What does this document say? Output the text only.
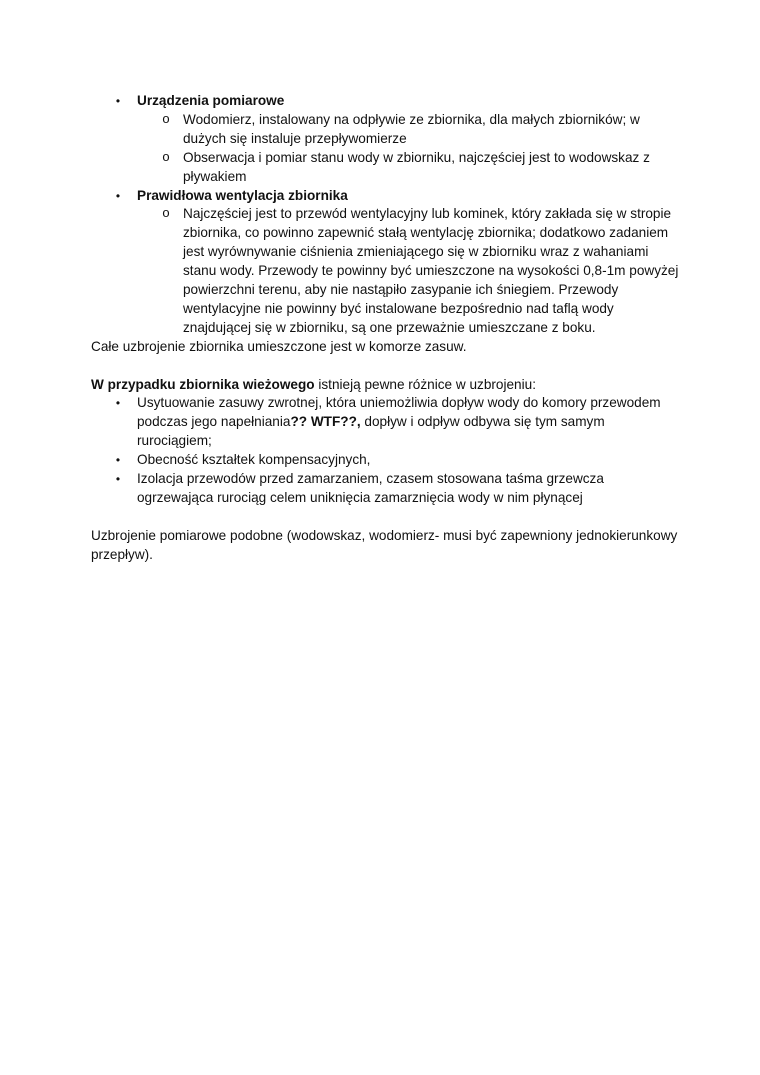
•	Urządzenia pomiarowe
o Wodomierz, instalowany na odpływie ze zbiornika, dla małych zbiorników; w dużych się instaluje przepływomierze
o Obserwacja i pomiar stanu wody w zbiorniku, najczęściej jest to wodowskaz z pływakiem
•	Prawidłowa wentylacja zbiornika
o Najczęściej jest to przewód wentylacyjny lub kominek, który zakłada się w stropie zbiornika, co powinno zapewnić stałą wentylację zbiornika; dodatkowo zadaniem jest wyrównywanie ciśnienia zmieniającego się w zbiorniku wraz z wahaniami stanu wody. Przewody te powinny być umieszczone na wysokości 0,8-1m powyżej powierzchni terenu, aby nie nastąpiło zasypanie ich śniegiem. Przewody wentylacyjne nie powinny być instalowane bezpośrednio nad taflą wody znajdującej się w zbiorniku, są one przeważnie umieszczane z boku.

Całe uzbrojenie zbiornika umieszczone jest w komorze zasuw.

W przypadku zbiornika wieżowego istnieją pewne różnice w uzbrojeniu:

•	Usytuowanie zasuwy zwrotnej, która uniemożliwia dopływ wody do komory przewodem podczas jego napełniania?? WTF??, dopływ i odpływ odbywa się tym samym rurociągiem;
•	Obecność kształtek kompensacyjnych,
•	Izolacja przewodów przed zamarzaniem, czasem stosowana taśma grzewcza ogrzewająca rurociąg celem uniknięcia zamarznięcia wody w nim płynącej

Uzbrojenie pomiarowe podobne (wodowskaz, wodomierz- musi być zapewniony jednokierunkowy przepływ).
